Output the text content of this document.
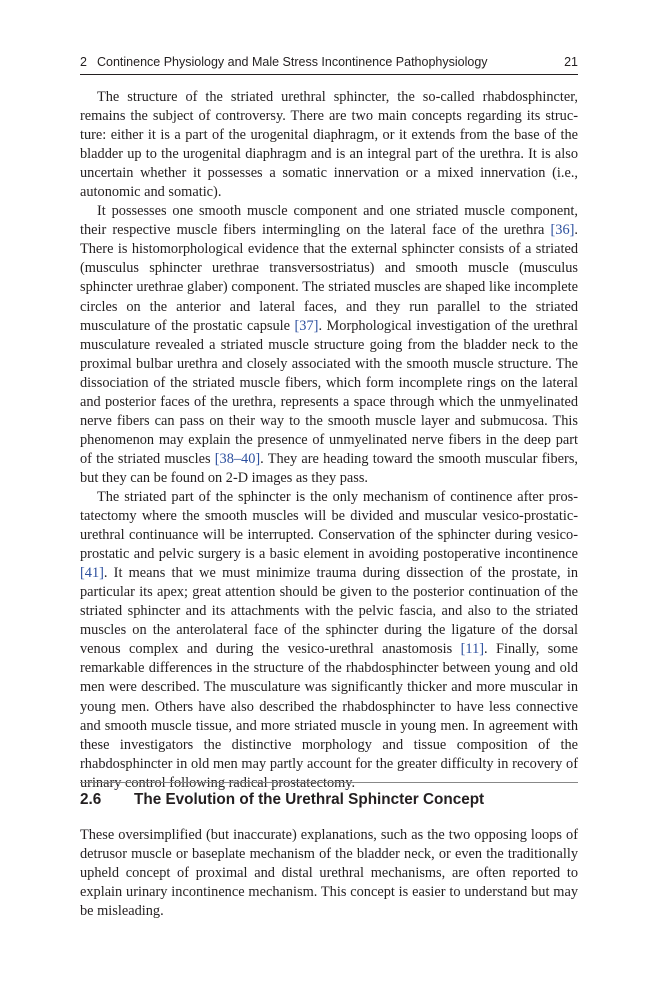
2 Continence Physiology and Male Stress Incontinence Pathophysiology	21

The structure of the striated urethral sphincter, the so-called rhabdosphincter, remains the subject of controversy. There are two main concepts regarding its structure: either it is a part of the urogenital diaphragm, or it extends from the base of the bladder up to the urogenital diaphragm and is an integral part of the urethra. It is also uncertain whether it possesses a somatic innervation or a mixed innervation (i.e., autonomic and somatic).

It possesses one smooth muscle component and one striated muscle component, their respective muscle fibers intermingling on the lateral face of the urethra [36]. There is histomorphological evidence that the external sphincter consists of a striated (musculus sphincter urethrae transversostriatus) and smooth muscle (musculus sphincter urethrae glaber) component. The striated muscles are shaped like incomplete circles on the anterior and lateral faces, and they run parallel to the striated musculature of the prostatic capsule [37]. Morphological investigation of the urethral musculature revealed a striated muscle structure going from the bladder neck to the proximal bulbar urethra and closely associated with the smooth muscle structure. The dissociation of the striated muscle fibers, which form incomplete rings on the lateral and posterior faces of the urethra, represents a space through which the unmyelinated nerve fibers can pass on their way to the smooth muscle layer and submucosa. This phenomenon may explain the presence of unmyelinated nerve fibers in the deep part of the striated muscles [38–40]. They are heading toward the smooth muscular fibers, but they can be found on 2-D images as they pass.

The striated part of the sphincter is the only mechanism of continence after prostatectomy where the smooth muscles will be divided and muscular vesico-prostatic-urethral continuance will be interrupted. Conservation of the sphincter during vesico-prostatic and pelvic surgery is a basic element in avoiding postoperative incontinence [41]. It means that we must minimize trauma during dissection of the prostate, in particular its apex; great attention should be given to the posterior continuation of the striated sphincter and its attachments with the pelvic fascia, and also to the striated muscles on the anterolateral face of the sphincter during the ligature of the dorsal venous complex and during the vesico-urethral anastomosis [11]. Finally, some remarkable differences in the structure of the rhabdosphincter between young and old men were described. The musculature was significantly thicker and more muscular in young men. Others have also described the rhabdosphincter to have less connective and smooth muscle tissue, and more striated muscle in young men. In agreement with these investigators the distinctive morphology and tissue composition of the rhabdosphincter in old men may partly account for the greater difficulty in recovery of urinary control following radical prostatectomy.

2.6 The Evolution of the Urethral Sphincter Concept

These oversimplified (but inaccurate) explanations, such as the two opposing loops of detrusor muscle or baseplate mechanism of the bladder neck, or even the traditionally upheld concept of proximal and distal urethral mechanisms, are often reported to explain urinary incontinence mechanism. This concept is easier to understand but may be misleading.
